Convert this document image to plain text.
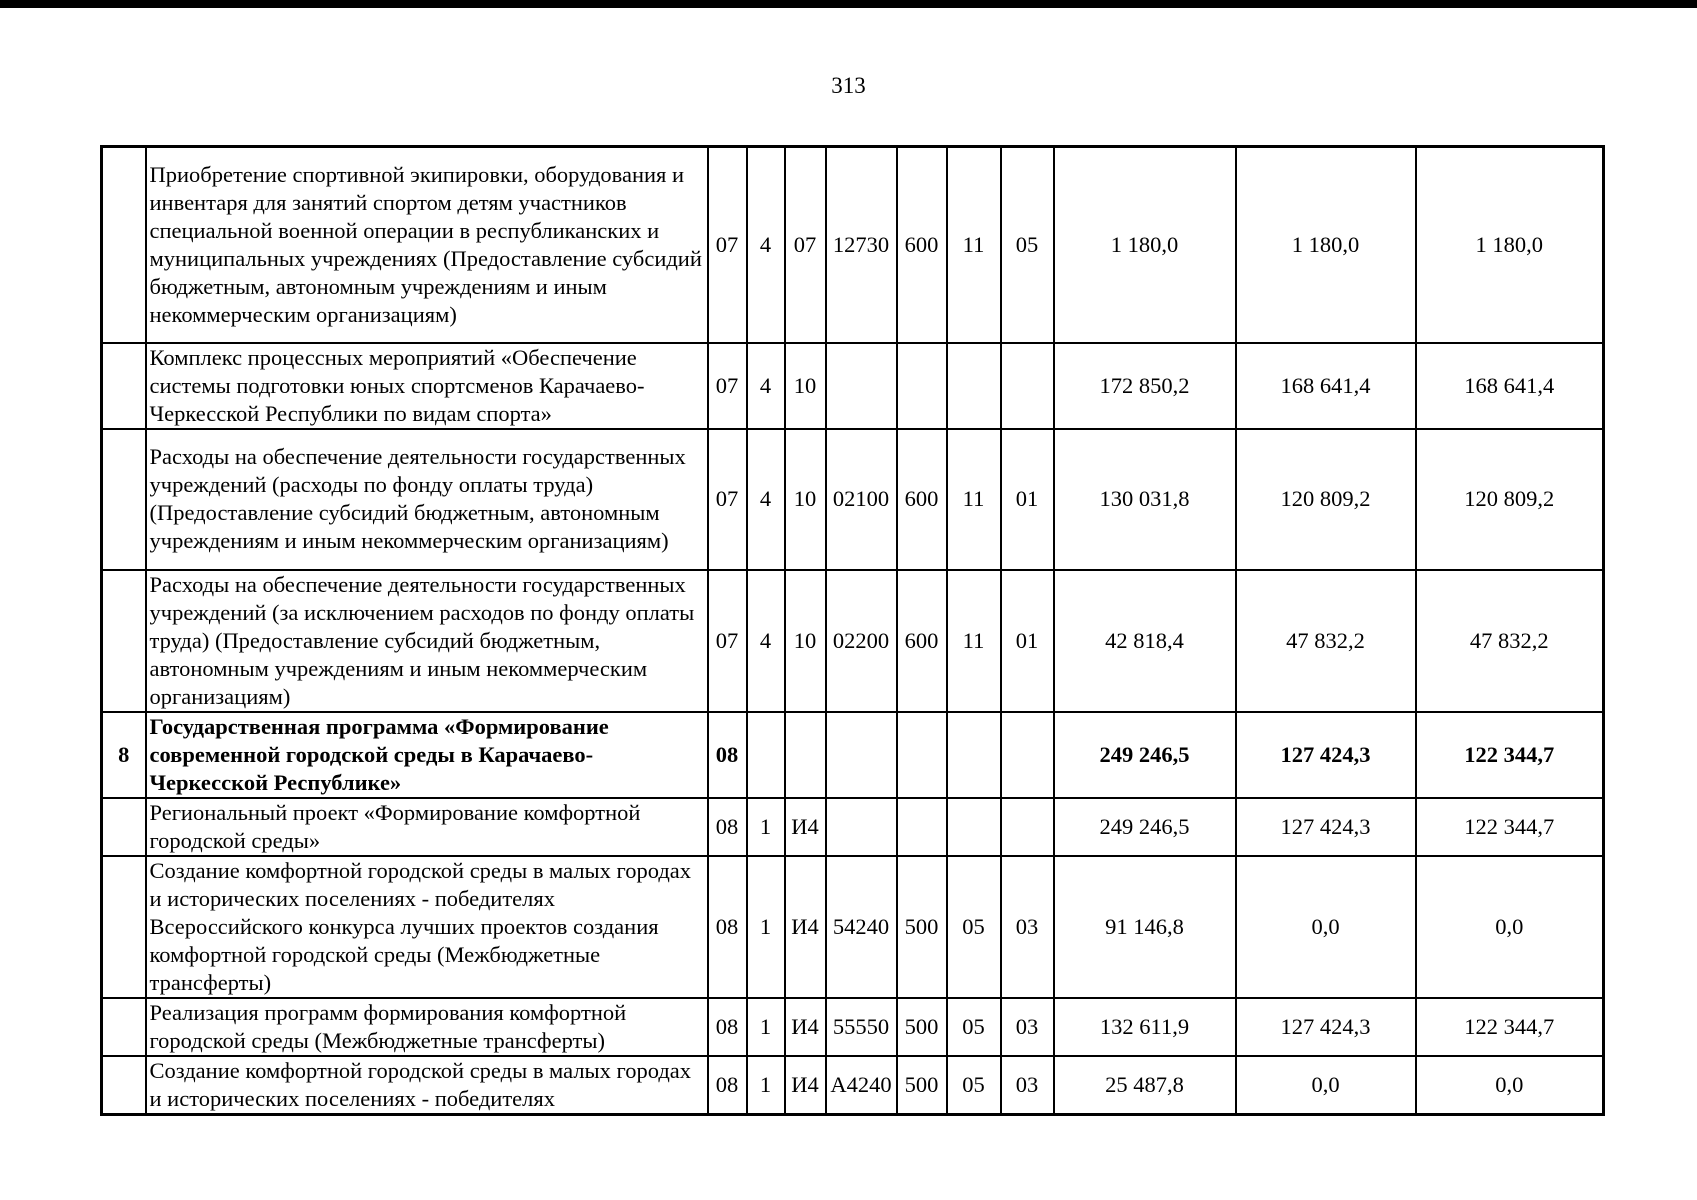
313
	Приобретение спортивной экипировки, оборудования и инвентаря для занятий спортом детям участников специальной военной операции в республиканских и муниципальных учреждениях (Предоставление субсидий бюджетным, автономным учреждениям и иным некоммерческим организациям)	07	4	07	12730	600	11	05	1 180,0	1 180,0	1 180,0
	Комплекс процессных мероприятий «Обеспечение системы подготовки юных спортсменов Карачаево-Черкесской Республики по видам спорта»	07	4	10					172 850,2	168 641,4	168 641,4
	Расходы на обеспечение деятельности государственных учреждений (расходы по фонду оплаты труда) (Предоставление субсидий бюджетным, автономным учреждениям и иным некоммерческим организациям)	07	4	10	02100	600	11	01	130 031,8	120 809,2	120 809,2
	Расходы на обеспечение деятельности государственных учреждений (за исключением расходов по фонду оплаты труда) (Предоставление субсидий бюджетным, автономным учреждениям и иным некоммерческим организациям)	07	4	10	02200	600	11	01	42 818,4	47 832,2	47 832,2
8	Государственная программа «Формирование современной городской среды в Карачаево-Черкесской Республике»	08							249 246,5	127 424,3	122 344,7
	Региональный проект «Формирование комфортной городской среды»	08	1	И4					249 246,5	127 424,3	122 344,7
	Создание комфортной городской среды в малых городах и исторических поселениях - победителях Всероссийского конкурса лучших проектов создания комфортной городской среды (Межбюджетные трансферты)	08	1	И4	54240	500	05	03	91 146,8	0,0	0,0
	Реализация программ формирования комфортной городской среды (Межбюджетные трансферты)	08	1	И4	55550	500	05	03	132 611,9	127 424,3	122 344,7
	Создание комфортной городской среды в малых городах и исторических поселениях - победителях	08	1	И4	А4240	500	05	03	25 487,8	0,0	0,0
